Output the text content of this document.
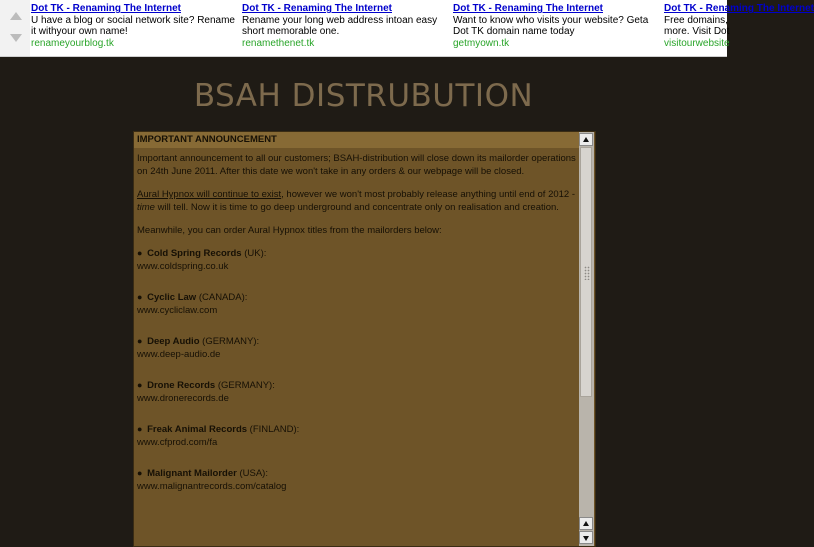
Dot TK - Renaming The Internet
U have a blog or social network site? Rename it withyour own name!
renameyourblog.tk
Dot TK - Renaming The Internet
Rename your long web address intoan easy short memorable one.
renamethenet.tk
Dot TK - Renaming The Internet
Want to know who visits your website? Geta Dot TK domain name today
getmyown.tk
Dot TK - Renaming The Internet
Free domains, more. Visit Dot
visitourwebsite
BSAH DISTRUBUTION
IMPORTANT ANNOUNCEMENT
Important announcement to all our customers; BSAH-distribution will close down its mailorder operations on 24th June 2011. After this date we won't take in any orders & our webpage will be closed.
Aural Hypnox will continue to exist, however we won't most probably release anything until end of 2012 - time will tell. Now it is time to go deep underground and concentrate only on realisation and creation.
Meanwhile, you can order Aural Hypnox titles from the mailorders below:
● Cold Spring Records (UK):
www.coldspring.co.uk
● Cyclic Law (CANADA):
www.cycliclaw.com
● Deep Audio (GERMANY):
www.deep-audio.de
● Drone Records (GERMANY):
www.dronerecords.de
● Freak Animal Records (FINLAND):
www.cfprod.com/fa
● Malignant Mailorder (USA):
www.malignantrecords.com/catalog
